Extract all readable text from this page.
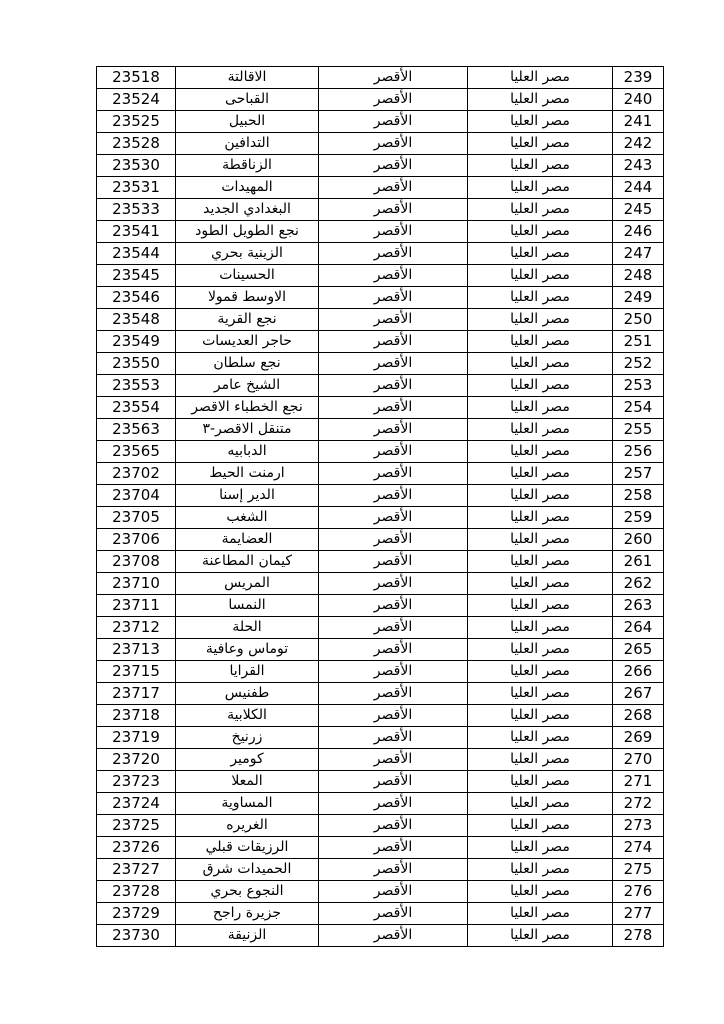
23518	الاقالتة	الأقصر	مصر العليا	239
23524	القباحى	الأقصر	مصر العليا	240
23525	الحبيل	الأقصر	مصر العليا	241
23528	التدافين	الأقصر	مصر العليا	242
23530	الزناقطة	الأقصر	مصر العليا	243
23531	المهيدات	الأقصر	مصر العليا	244
23533	البغدادي الجديد	الأقصر	مصر العليا	245
23541	نجع الطويل الطود	الأقصر	مصر العليا	246
23544	الزينية بحري	الأقصر	مصر العليا	247
23545	الحسينات	الأقصر	مصر العليا	248
23546	الاوسط قمولا	الأقصر	مصر العليا	249
23548	نجع القرية	الأقصر	مصر العليا	250
23549	حاجر العديسات	الأقصر	مصر العليا	251
23550	نجع سلطان	الأقصر	مصر العليا	252
23553	الشيخ عامر	الأقصر	مصر العليا	253
23554	نجع الخطباء الاقصر	الأقصر	مصر العليا	254
23563	متنقل الاقصر-٣	الأقصر	مصر العليا	255
23565	الدبابيه	الأقصر	مصر العليا	256
23702	ارمنت الحيط	الأقصر	مصر العليا	257
23704	الدير إسنا	الأقصر	مصر العليا	258
23705	الشغب	الأقصر	مصر العليا	259
23706	العضايمة	الأقصر	مصر العليا	260
23708	كيمان المطاعنة	الأقصر	مصر العليا	261
23710	المريس	الأقصر	مصر العليا	262
23711	النمسا	الأقصر	مصر العليا	263
23712	الحلة	الأقصر	مصر العليا	264
23713	توماس وعافية	الأقصر	مصر العليا	265
23715	القرايا	الأقصر	مصر العليا	266
23717	طفنيس	الأقصر	مصر العليا	267
23718	الكلابية	الأقصر	مصر العليا	268
23719	زرنيخ	الأقصر	مصر العليا	269
23720	كومير	الأقصر	مصر العليا	270
23723	المعلا	الأقصر	مصر العليا	271
23724	المساوية	الأقصر	مصر العليا	272
23725	الغريره	الأقصر	مصر العليا	273
23726	الرزيقات قبلي	الأقصر	مصر العليا	274
23727	الحميدات شرق	الأقصر	مصر العليا	275
23728	النجوع بحري	الأقصر	مصر العليا	276
23729	جزيرة راجح	الأقصر	مصر العليا	277
23730	الزنيقة	الأقصر	مصر العليا	278
